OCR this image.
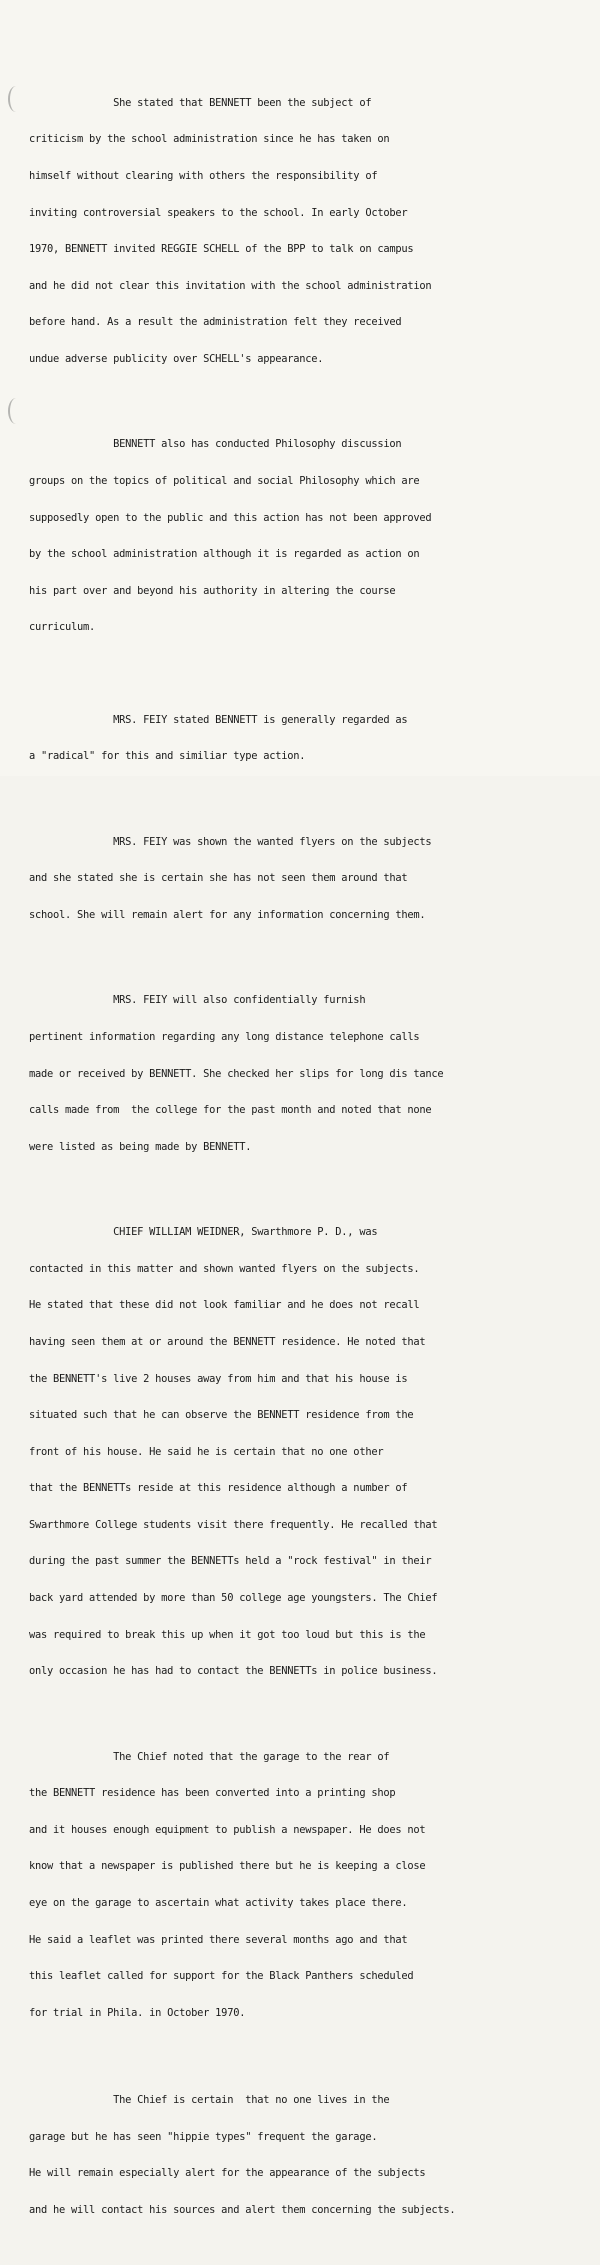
She stated that BENNETT been the subject of

criticism by the school administration since he has taken on

himself without clearing with others the responsibility of

inviting controversial speakers to the school. In early October

1970, BENNETT invited REGGIE SCHELL of the BPP to talk on campus

and he did not clear this invitation with the school administration

before hand. As a result the administration felt they received

undue adverse publicity over SCHELL's appearance.

BENNETT also has conducted Philosophy discussion

groups on the topics of political and social Philosophy which are

supposedly open to the public and this action has not been approved

by the school administration although it is regarded as action on

his part over and beyond his authority in altering the course

curriculum.

MRS. FEIY stated BENNETT is generally regarded as

a "radical" for this and similiar type action.

MRS. FEIY was shown the wanted flyers on the subjects

and she stated she is certain she has not seen them around that

school. She will remain alert for any information concerning them.

MRS. FEIY will also confidentially furnish

pertinent information regarding any long distance telephone calls

made or received by BENNETT. She checked her slips for long dis tance

calls made from  the college for the past month and noted that none

were listed as being made by BENNETT.

CHIEF WILLIAM WEIDNER, Swarthmore P. D., was

contacted in this matter and shown wanted flyers on the subjects.

He stated that these did not look familiar and he does not recall

having seen them at or around the BENNETT residence. He noted that

the BENNETT's live 2 houses away from him and that his house is

situated such that he can observe the BENNETT residence from the

front of his house. He said he is certain that no one other

that the BENNETTs reside at this residence although a number of

Swarthmore College students visit there frequently. He recalled that

during the past summer the BENNETTs held a "rock festival" in their

back yard attended by more than 50 college age youngsters. The Chief

was required to break this up when it got too loud but this is the

only occasion he has had to contact the BENNETTs in police business.

The Chief noted that the garage to the rear of

the BENNETT residence has been converted into a printing shop

and it houses enough equipment to publish a newspaper. He does not

know that a newspaper is published there but he is keeping a close

eye on the garage to ascertain what activity takes place there.

He said a leaflet was printed there several months ago and that

this leaflet called for support for the Black Panthers scheduled

for trial in Phila. in October 1970.

The Chief is certain  that no one lives in the

garage but he has seen "hippie types" frequent the garage.

He will remain especially alert for the appearance of the subjects

and he will contact his sources and alert them concerning the subjects.
